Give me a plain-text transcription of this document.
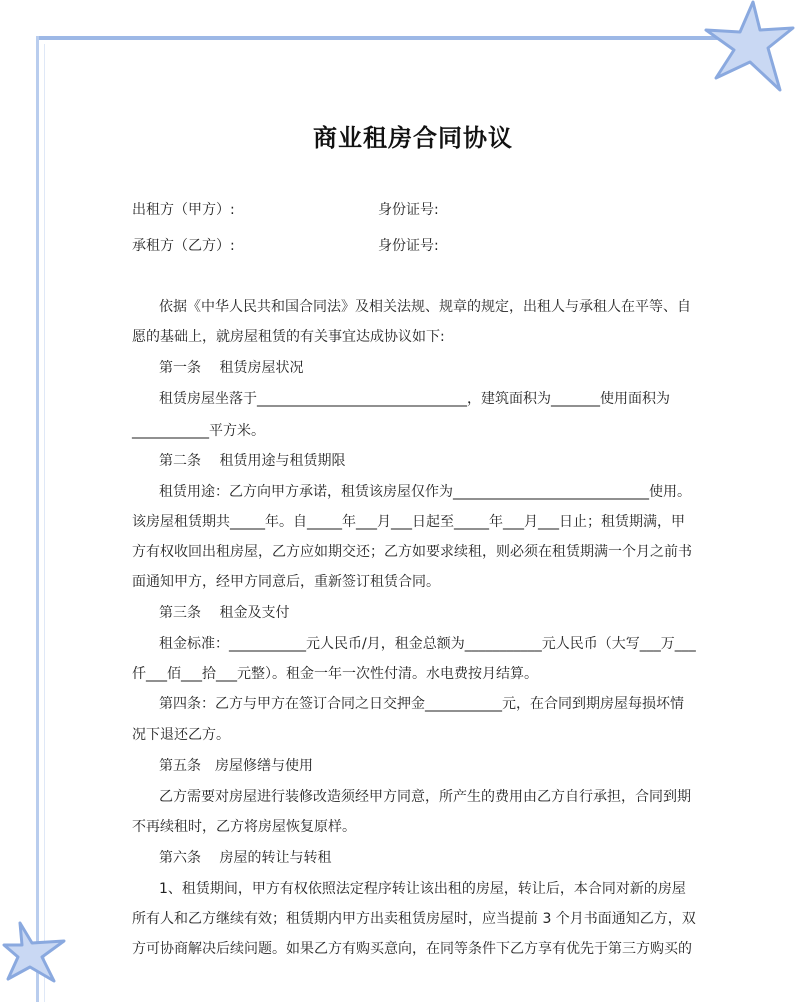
商业租房合同协议
出租方（甲方）:	身份证号:
承租方（乙方）:	身份证号:
依据《中华人民共和国合同法》及相关法规、规章的规定，出租人与承租人在平等、自
愿的基础上，就房屋租赁的有关事宜达成协议如下:
第一条　 租赁房屋状况
租赁房屋坐落于______________________________，建筑面积为_______使用面积为
___________平方米。
第二条　 租赁用途与租赁期限
租赁用途：乙方向甲方承诺，租赁该房屋仅作为____________________________使用。
该房屋租赁期共_____年。自_____年___月___日起至_____年___月___日止；租赁期满，甲
方有权收回出租房屋，乙方应如期交还；乙方如要求续租，则必须在租赁期满一个月之前书
面通知甲方，经甲方同意后，重新签订租赁合同。
第三条　 租金及支付
租金标准：___________元人民币/月，租金总额为___________元人民币（大写___万___
仟___佰___拾___元整）。租金一年一次性付清。水电费按月结算。
第四条：乙方与甲方在签订合同之日交押金___________元，在合同到期房屋每损坏情
况下退还乙方。
第五条　房屋修缮与使用
乙方需要对房屋进行装修改造须经甲方同意，所产生的费用由乙方自行承担，合同到期
不再续租时，乙方将房屋恢复原样。
第六条　 房屋的转让与转租
1、租赁期间，甲方有权依照法定程序转让该出租的房屋，转让后，本合同对新的房屋
所有人和乙方继续有效；租赁期内甲方出卖租赁房屋时，应当提前 3 个月书面通知乙方，双
方可协商解决后续问题。如果乙方有购买意向，在同等条件下乙方享有优先于第三方购买的
